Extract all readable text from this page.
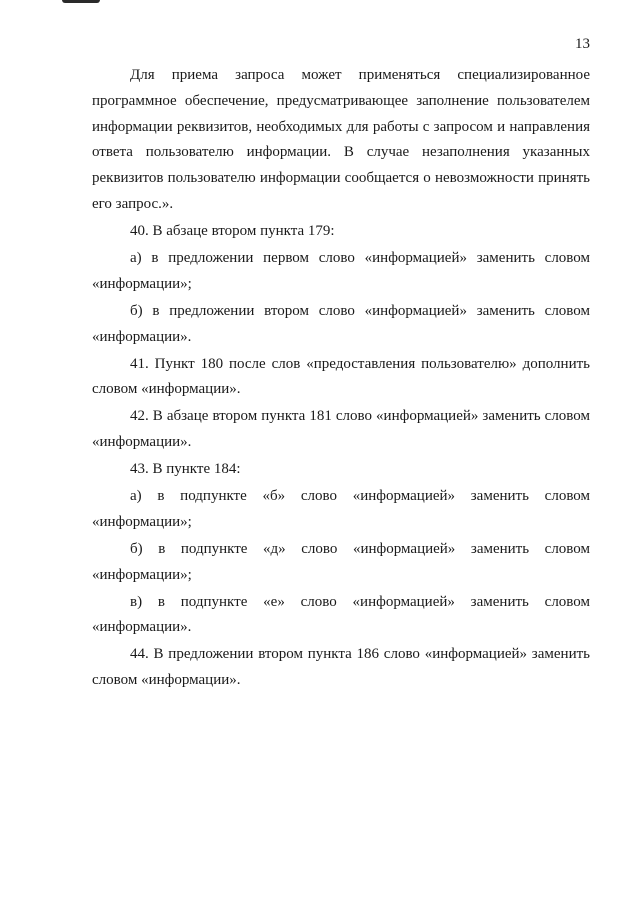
13

Для приема запроса может применяться специализированное программное обеспечение, предусматривающее заполнение пользователем информации реквизитов, необходимых для работы с запросом и направления ответа пользователю информации. В случае незаполнения указанных реквизитов пользователю информации сообщается о невозможности принять его запрос.».

40. В абзаце втором пункта 179:

а) в предложении первом слово «информацией» заменить словом «информации»;

б) в предложении втором слово «информацией» заменить словом «информации».

41. Пункт 180 после слов «предоставления пользователю» дополнить словом «информации».

42. В абзаце втором пункта 181 слово «информацией» заменить словом «информации».

43. В пункте 184:

а) в подпункте «б» слово «информацией» заменить словом «информации»;

б) в подпункте «д» слово «информацией» заменить словом «информации»;

в) в подпункте «е» слово «информацией» заменить словом «информации».

44. В предложении втором пункта 186 слово «информацией» заменить словом «информации».
